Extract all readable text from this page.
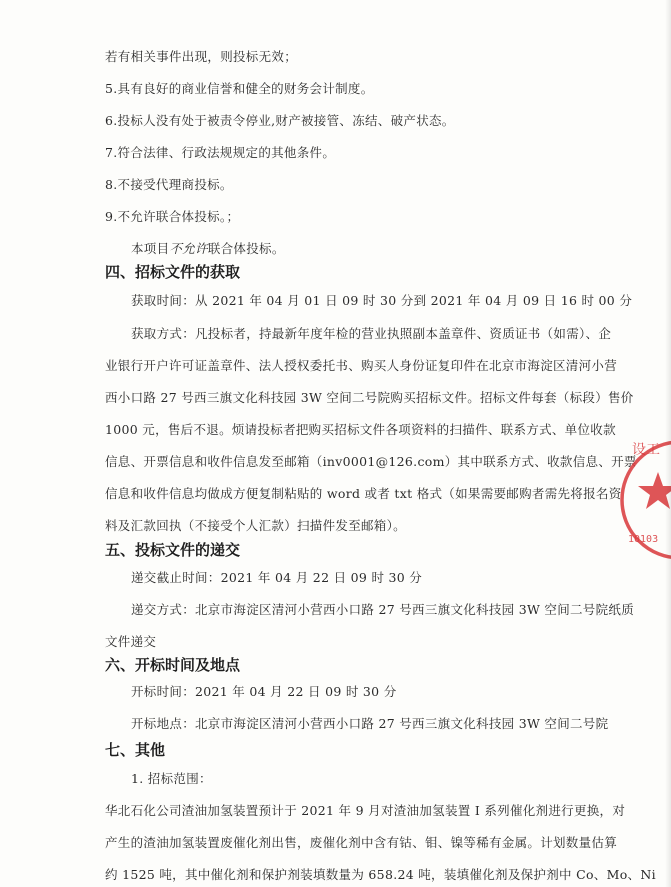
若有相关事件出现，则投标无效；
5.具有良好的商业信誉和健全的财务会计制度。
6.投标人没有处于被责令停业,财产被接管、冻结、破产状态。
7.符合法律、行政法规规定的其他条件。
8.不接受代理商投标。
9.不允许联合体投标。；
本项目不允许联合体投标。
四、招标文件的获取
获取时间：从 2021 年 04 月 01 日 09 时 30 分到 2021 年 04 月 09 日 16 时 00 分
获取方式：凡投标者，持最新年度年检的营业执照副本盖章件、资质证书（如需）、企
业银行开户许可证盖章件、法人授权委托书、购买人身份证复印件在北京市海淀区清河小营
西小口路 27 号西三旗文化科技园 3W 空间二号院购买招标文件。招标文件每套（标段）售价
1000 元，售后不退。烦请投标者把购买招标文件各项资料的扫描件、联系方式、单位收款
信息、开票信息和收件信息发至邮箱（inv0001@126.com）其中联系方式、收款信息、开票
信息和收件信息均做成方便复制粘贴的 word 或者 txt 格式（如果需要邮购者需先将报名资
料及汇款回执（不接受个人汇款）扫描件发至邮箱）。
五、投标文件的递交
递交截止时间：2021 年 04 月 22 日 09 时 30 分
递交方式：北京市海淀区清河小营西小口路 27 号西三旗文化科技园 3W 空间二号院纸质
文件递交
六、开标时间及地点
开标时间：2021 年 04 月 22 日 09 时 30 分
开标地点：北京市海淀区清河小营西小口路 27 号西三旗文化科技园 3W 空间二号院
七、其他
1. 招标范围：
华北石化公司渣油加氢装置预计于 2021 年 9 月对渣油加氢装置 I 系列催化剂进行更换，对
产生的渣油加氢装置废催化剂出售，废催化剂中含有钴、钼、镍等稀有金属。计划数量估算
约 1525 吨，其中催化剂和保护剂装填数量为 658.24 吨，装填催化剂及保护剂中 Co、Mo、Ni
设工
10103
